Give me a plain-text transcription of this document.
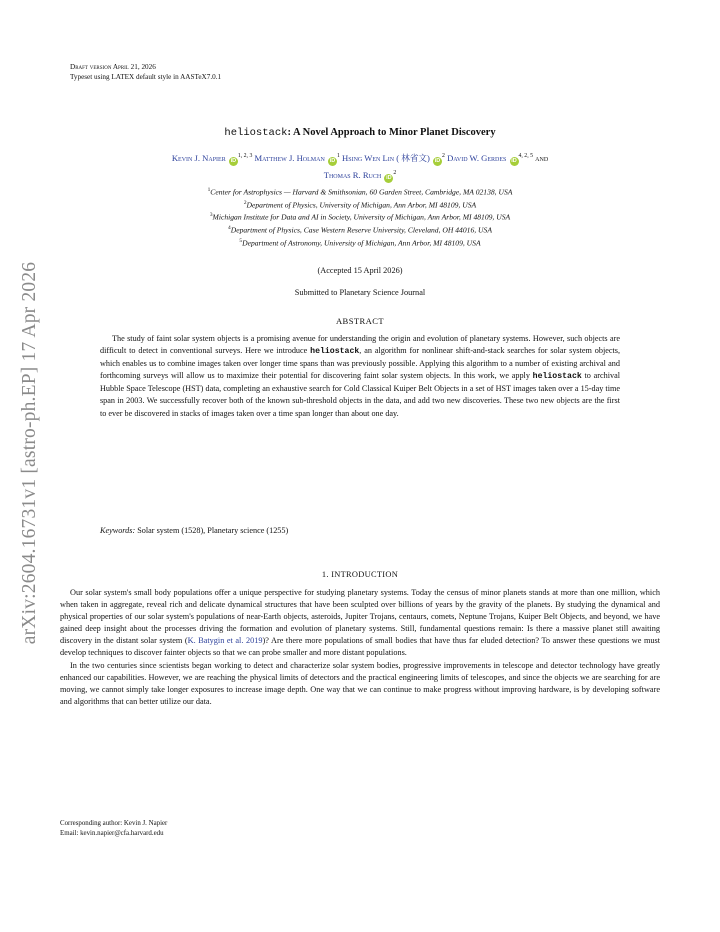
arXiv:2604.16731v1 [astro-ph.EP] 17 Apr 2026
Draft version April 21, 2026
Typeset using LATEX default style in AASTeX7.0.1
heliostack: A Novel Approach to Minor Planet Discovery
Kevin J. Napier iD$^{1, 2, 3}$ Matthew J. Holman $iD^1$ Hsing Wen Lin ( 林省文) $iD^2$ David W. Gerdes iD$^{4, 2, 5}$ and
Thomas R. Ruch $iD^2$
$^1$Center for Astrophysics — Harvard & Smithsonian, 60 Garden Street, Cambridge, MA 02138, USA
$^2$Department of Physics, University of Michigan, Ann Arbor, MI 48109, USA
$^3$Michigan Institute for Data and AI in Society, University of Michigan, Ann Arbor, MI 48109, USA
$^4$Department of Physics, Case Western Reserve University, Cleveland, OH 44016, USA
$^5$Department of Astronomy, University of Michigan, Ann Arbor, MI 48109, USA
(Accepted 15 April 2026)
Submitted to Planetary Science Journal
ABSTRACT

The study of faint solar system objects is a promising avenue for understanding the origin and evolution of planetary systems. However, such objects are difficult to detect in conventional surveys. Here we introduce heliostack, an algorithm for nonlinear shift-and-stack searches for solar system objects, which enables us to combine images taken over longer time spans than was previously possible. Applying this algorithm to a number of existing archival and forthcoming surveys will allow us to maximize their potential for discovering faint solar system objects. In this work, we apply heliostack to archival Hubble Space Telescope (HST) data, completing an exhaustive search for Cold Classical Kuiper Belt Objects in a set of HST images taken over a 15-day time span in 2003. We successfully recover both of the known sub-threshold objects in the data, and add two new discoveries. These two new objects are the first to ever be discovered in stacks of images taken over a time span longer than about one day.

Keywords: Solar system (1528), Planetary science (1255)
1. INTRODUCTION

Our solar system's small body populations offer a unique perspective for studying planetary systems. Today the census of minor planets stands at more than one million, which when taken in aggregate, reveal rich and delicate dynamical structures that have been sculpted over billions of years by the gravity of the planets. By studying the dynamical and physical properties of our solar system's populations of near-Earth objects, asteroids, Jupiter Trojans, centaurs, comets, Neptune Trojans, Kuiper Belt Objects, and beyond, we have gained deep insight about the processes driving the formation and evolution of planetary systems. Still, fundamental questions remain: Is there a massive planet still awaiting discovery in the distant solar system (K. Batygin et al. 2019)? Are there more populations of small bodies that have thus far eluded detection? To answer these questions we must develop techniques to discover fainter objects so that we can probe smaller and more distant populations.

In the two centuries since scientists began working to detect and characterize solar system bodies, progressive improvements in telescope and detector technology have greatly enhanced our capabilities. However, we are reaching the physical limits of detectors and the practical engineering limits of telescopes, and since the objects we are searching for are moving, we cannot simply take longer exposures to increase image depth. One way that we can continue to make progress without improving hardware, is by developing software and algorithms that can better utilize our data.

Corresponding author: Kevin J. Napier
Email: kevin.napier@cfa.harvard.edu
